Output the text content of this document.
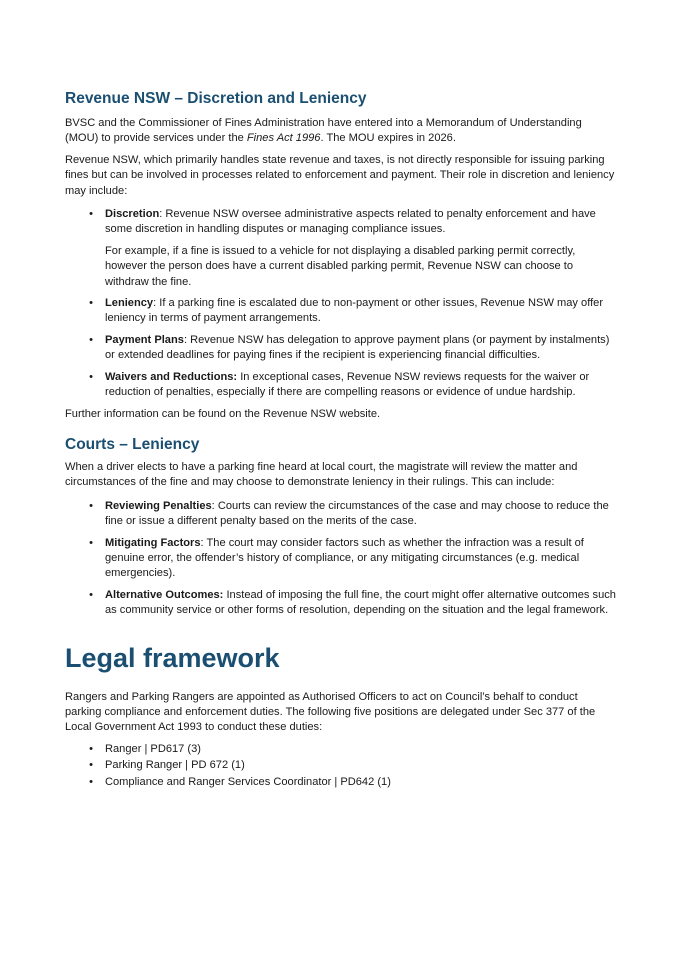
Revenue NSW – Discretion and Leniency

BVSC and the Commissioner of Fines Administration have entered into a Memorandum of Understanding (MOU) to provide services under the Fines Act 1996. The MOU expires in 2026.

Revenue NSW, which primarily handles state revenue and taxes, is not directly responsible for issuing parking fines but can be involved in processes related to enforcement and payment. Their role in discretion and leniency may include:

• Discretion: Revenue NSW oversee administrative aspects related to penalty enforcement and have some discretion in handling disputes or managing compliance issues.

For example, if a fine is issued to a vehicle for not displaying a disabled parking permit correctly, however the person does have a current disabled parking permit, Revenue NSW can choose to withdraw the fine.

• Leniency: If a parking fine is escalated due to non-payment or other issues, Revenue NSW may offer leniency in terms of payment arrangements.
• Payment Plans: Revenue NSW has delegation to approve payment plans (or payment by instalments) or extended deadlines for paying fines if the recipient is experiencing financial difficulties.
• Waivers and Reductions: In exceptional cases, Revenue NSW reviews requests for the waiver or reduction of penalties, especially if there are compelling reasons or evidence of undue hardship.

Further information can be found on the Revenue NSW website.

Courts – Leniency

When a driver elects to have a parking fine heard at local court, the magistrate will review the matter and circumstances of the fine and may choose to demonstrate leniency in their rulings. This can include:

• Reviewing Penalties: Courts can review the circumstances of the case and may choose to reduce the fine or issue a different penalty based on the merits of the case.
• Mitigating Factors: The court may consider factors such as whether the infraction was a result of genuine error, the offender’s history of compliance, or any mitigating circumstances (e.g. medical emergencies).
• Alternative Outcomes: Instead of imposing the full fine, the court might offer alternative outcomes such as community service or other forms of resolution, depending on the situation and the legal framework.
Legal framework

Rangers and Parking Rangers are appointed as Authorised Officers to act on Council’s behalf to conduct parking compliance and enforcement duties. The following five positions are delegated under Sec 377 of the Local Government Act 1993 to conduct these duties:

• Ranger | PD617 (3)
• Parking Ranger | PD 672 (1)
• Compliance and Ranger Services Coordinator | PD642 (1)
